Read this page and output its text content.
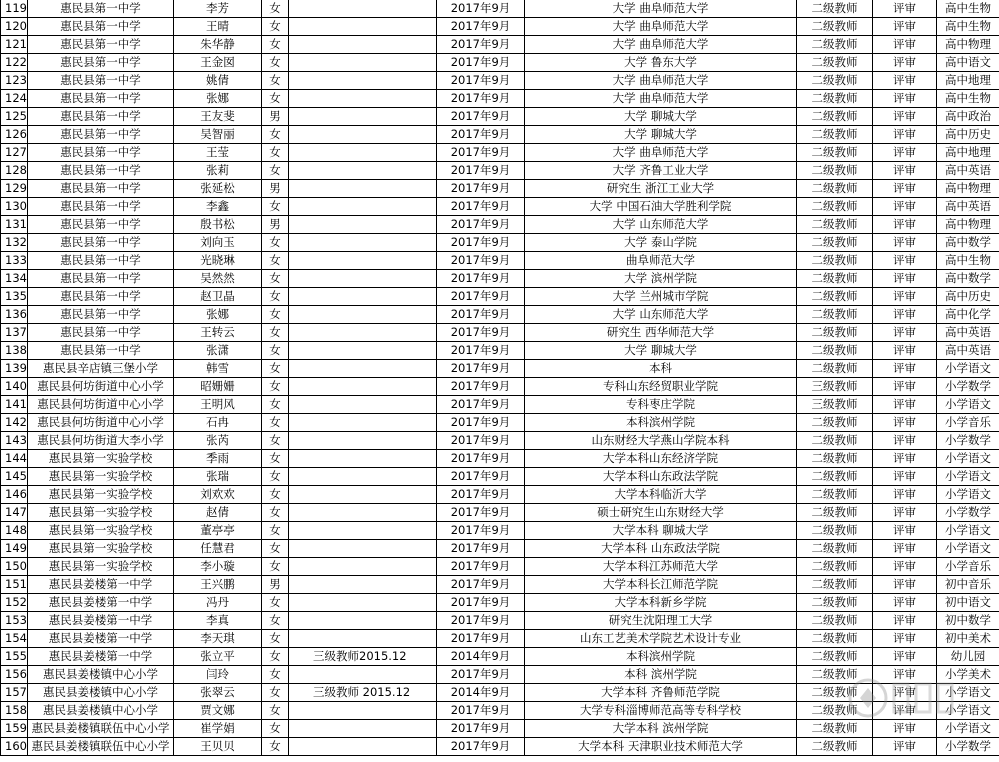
119	惠民县第一中学	李芳	女		2017年9月	大学 曲阜师范大学	二级教师	评审	高中生物
120	惠民县第一中学	王晴	女		2017年9月	大学 曲阜师范大学	二级教师	评审	高中生物
121	惠民县第一中学	朱华静	女		2017年9月	大学 曲阜师范大学	二级教师	评审	高中物理
122	惠民县第一中学	王金囡	女		2017年9月	大学 鲁东大学	二级教师	评审	高中语文
123	惠民县第一中学	姚倩	女		2017年9月	大学 曲阜师范大学	二级教师	评审	高中地理
124	惠民县第一中学	张娜	女		2017年9月	大学 曲阜师范大学	二级教师	评审	高中生物
125	惠民县第一中学	王友斐	男		2017年9月	大学 聊城大学	二级教师	评审	高中政治
126	惠民县第一中学	吴智丽	女		2017年9月	大学 聊城大学	二级教师	评审	高中历史
127	惠民县第一中学	王莹	女		2017年9月	大学 曲阜师范大学	二级教师	评审	高中地理
128	惠民县第一中学	张莉	女		2017年9月	大学 齐鲁工业大学	二级教师	评审	高中英语
129	惠民县第一中学	张延松	男		2017年9月	研究生 浙江工业大学	二级教师	评审	高中物理
130	惠民县第一中学	李鑫	女		2017年9月	大学 中国石油大学胜利学院	二级教师	评审	高中英语
131	惠民县第一中学	殷书松	男		2017年9月	大学 山东师范大学	二级教师	评审	高中物理
132	惠民县第一中学	刘向玉	女		2017年9月	大学 泰山学院	二级教师	评审	高中数学
133	惠民县第一中学	光晓琳	女		2017年9月	曲阜师范大学	二级教师	评审	高中生物
134	惠民县第一中学	吴然然	女		2017年9月	大学 滨州学院	二级教师	评审	高中数学
135	惠民县第一中学	赵卫晶	女		2017年9月	大学 兰州城市学院	二级教师	评审	高中历史
136	惠民县第一中学	张娜	女		2017年9月	大学 山东师范大学	二级教师	评审	高中化学
137	惠民县第一中学	王转云	女		2017年9月	研究生 西华师范大学	二级教师	评审	高中英语
138	惠民县第一中学	张潇	女		2017年9月	大学 聊城大学	二级教师	评审	高中英语
139	惠民县辛店镇三堡小学	韩雪	女		2017年9月	本科	二级教师	评审	小学语文
140	惠民县何坊街道中心小学	昭姗姗	女		2017年9月	专科山东经贸职业学院	三级教师	评审	小学数学
141	惠民县何坊街道中心小学	王明风	女		2017年9月	专科枣庄学院	三级教师	评审	小学语文
142	惠民县何坊街道中心小学	石冉	女		2017年9月	本科滨州学院	二级教师	评审	小学音乐
143	惠民县何坊街道大李小学	张芮	女		2017年9月	山东财经大学燕山学院本科	二级教师	评审	小学数学
144	惠民县第一实验学校	季雨	女		2017年9月	大学本科山东经济学院	二级教师	评审	小学语文
145	惠民县第一实验学校	张瑞	女		2017年9月	大学本科山东政法学院	二级教师	评审	小学语文
146	惠民县第一实验学校	刘欢欢	女		2017年9月	大学本科临沂大学	二级教师	评审	小学语文
147	惠民县第一实验学校	赵倩	女		2017年9月	硕士研究生山东财经大学	二级教师	评审	小学数学
148	惠民县第一实验学校	董亭亭	女		2017年9月	大学本科 聊城大学	二级教师	评审	小学语文
149	惠民县第一实验学校	任慧君	女		2017年9月	大学本科 山东政法学院	二级教师	评审	小学语文
150	惠民县第一实验学校	李小璇	女		2017年9月	大学本科江苏师范大学	二级教师	评审	小学音乐
151	惠民县姜楼第一中学	王兴鹏	男		2017年9月	大学本科长江师范学院	二级教师	评审	初中音乐
152	惠民县姜楼第一中学	冯丹	女		2017年9月	大学本科新乡学院	二级教师	评审	初中语文
153	惠民县姜楼第一中学	李真	女		2017年9月	研究生沈阳理工大学	二级教师	评审	初中数学
154	惠民县姜楼第一中学	李天琪	女		2017年9月	山东工艺美术学院艺术设计专业	二级教师	评审	初中美术
155	惠民县姜楼第一中学	张立平	女	三级教师2015.12	2014年9月	本科滨州学院	二级教师	评审	幼儿园
156	惠民县姜楼镇中心小学	闫玲	女		2017年9月	本科 滨州学院	二级教师	评审	小学美术
157	惠民县姜楼镇中心小学	张翠云	女	三级教师 2015.12	2014年9月	大学本科 齐鲁师范学院	二级教师	评审	小学语文
158	惠民县姜楼镇中心小学	贾文娜	女		2017年9月	大学专科淄博师范高等专科学校	二级教师	评审	小学语文
159	惠民县姜楼镇联伍中心小学	崔学娟	女		2017年9月	大学本科 滨州学院	二级教师	评审	小学语文
160	惠民县姜楼镇联伍中心小学	王贝贝	女		2017年9月	大学本科 天津职业技术师范大学	二级教师	评审	小学数学
